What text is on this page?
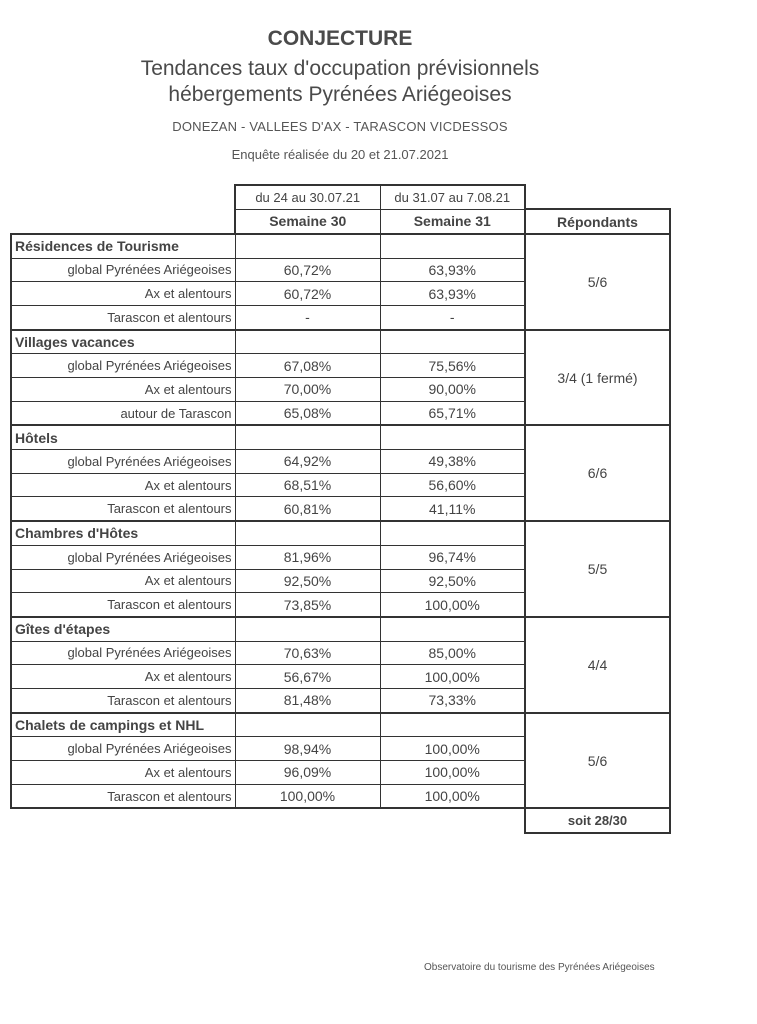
CONJECTURE
Tendances taux d'occupation prévisionnels
hébergements Pyrénées Ariégeoises
DONEZAN - VALLEES D'AX - TARASCON VICDESSOS
Enquête réalisée du 20 et 21.07.2021
	du 24 au 30.07.21	du 31.07 au 7.08.21	
	Semaine 30	Semaine 31	Répondants
Résidences de Tourisme			5/6
global Pyrénées Ariégeoises	60,72%	63,93%	
Ax et alentours	60,72%	63,93%	
Tarascon et alentours	-	-	
Villages vacances			3/4 (1 fermé)
global Pyrénées Ariégeoises	67,08%	75,56%	
Ax et alentours	70,00%	90,00%	
autour de Tarascon	65,08%	65,71%	
Hôtels			6/6
global Pyrénées Ariégeoises	64,92%	49,38%	
Ax et alentours	68,51%	56,60%	
Tarascon et alentours	60,81%	41,11%	
Chambres d'Hôtes			5/5
global Pyrénées Ariégeoises	81,96%	96,74%	
Ax et alentours	92,50%	92,50%	
Tarascon et alentours	73,85%	100,00%	
Gîtes d'étapes			4/4
global Pyrénées Ariégeoises	70,63%	85,00%	
Ax et alentours	56,67%	100,00%	
Tarascon et alentours	81,48%	73,33%	
Chalets de campings et NHL			5/6
global Pyrénées Ariégeoises	98,94%	100,00%	
Ax et alentours	96,09%	100,00%	
Tarascon et alentours	100,00%	100,00%	
			soit 28/30
Observatoire du tourisme des Pyrénées Ariégeoises
